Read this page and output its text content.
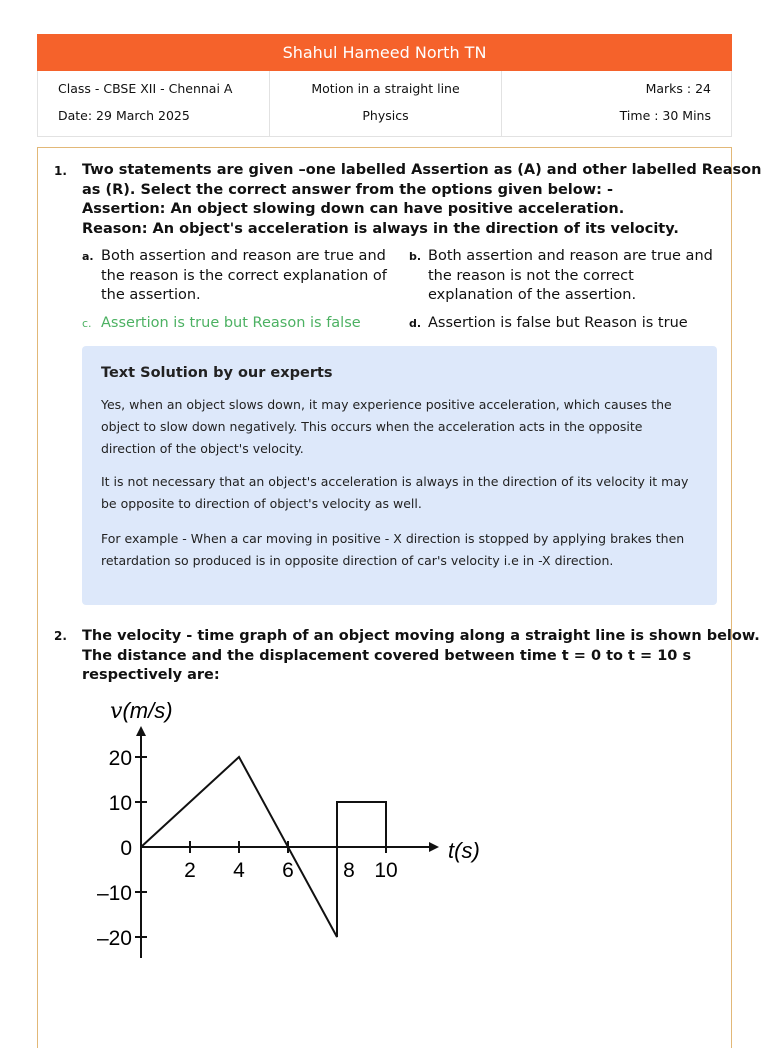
Shahul Hameed North TN
Class - CBSE XII - Chennai A
Date: 29 March 2025
Motion in a straight line
Physics
Marks : 24
Time : 30 Mins
1. Two statements are given –one labelled Assertion as (A) and other labelled Reason
as (R). Select the correct answer from the options given below: -
Assertion: An object slowing down can have positive acceleration.
Reason: An object's acceleration is always in the direction of its velocity.
a. Both assertion and reason are true and
the reason is the correct explanation of
the assertion.
b. Both assertion and reason are true and
the reason is not the correct
explanation of the assertion.
c. Assertion is true but Reason is false	d. Assertion is false but Reason is true
Text Solution by our experts
Yes, when an object slows down, it may experience positive acceleration, which causes the
object to slow down negatively. This occurs when the acceleration acts in the opposite
direction of the object's velocity.
It is not necessary that an object's acceleration is always in the direction of its velocity it may
be opposite to direction of object's velocity as well.
For example - When a car moving in positive - X direction is stopped by applying brakes then
retardation so produced is in opposite direction of car's velocity i.e in -X direction.
2. The velocity - time graph of an object moving along a straight line is shown below.
The distance and the displacement covered between time t = 0 to t = 10 s
respectively are:
v(m/s)
t(s)
2 4 6 8 10
20
10
0
–10
–20
